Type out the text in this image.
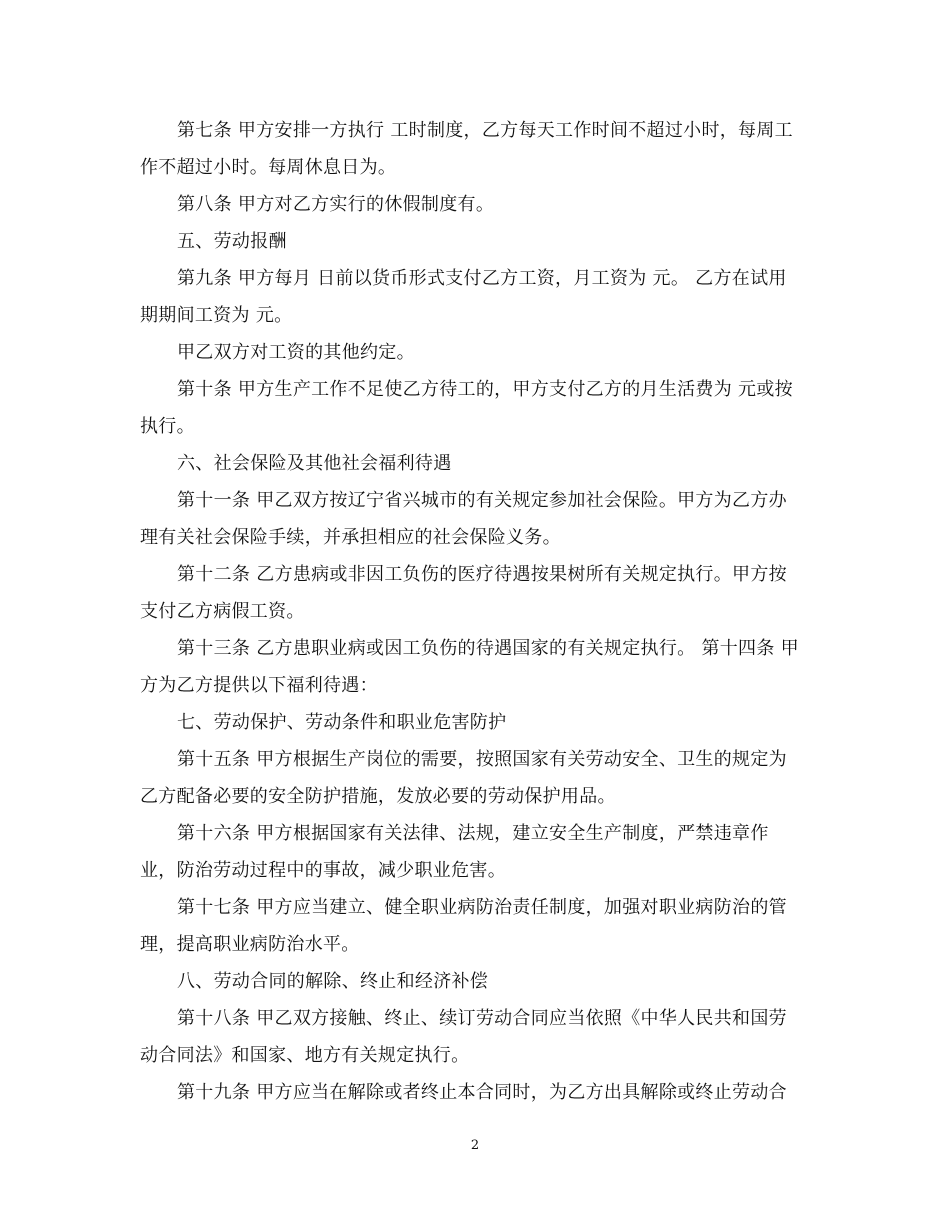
第七条 甲方安排一方执行 工时制度，乙方每天工作时间不超过小时，每周工
作不超过小时。每周休息日为。
第八条 甲方对乙方实行的休假制度有。
五、劳动报酬
第九条 甲方每月 日前以货币形式支付乙方工资，月工资为 元。 乙方在试用
期期间工资为 元。
甲乙双方对工资的其他约定。
第十条 甲方生产工作不足使乙方待工的，甲方支付乙方的月生活费为 元或按
执行。
六、社会保险及其他社会福利待遇
第十一条 甲乙双方按辽宁省兴城市的有关规定参加社会保险。甲方为乙方办
理有关社会保险手续，并承担相应的社会保险义务。
第十二条 乙方患病或非因工负伤的医疗待遇按果树所有关规定执行。甲方按
支付乙方病假工资。
第十三条 乙方患职业病或因工负伤的待遇国家的有关规定执行。 第十四条 甲
方为乙方提供以下福利待遇：
七、劳动保护、劳动条件和职业危害防护
第十五条 甲方根据生产岗位的需要，按照国家有关劳动安全、卫生的规定为
乙方配备必要的安全防护措施，发放必要的劳动保护用品。
第十六条 甲方根据国家有关法律、法规，建立安全生产制度，严禁违章作
业，防治劳动过程中的事故，减少职业危害。
第十七条 甲方应当建立、健全职业病防治责任制度，加强对职业病防治的管
理，提高职业病防治水平。
八、劳动合同的解除、终止和经济补偿
第十八条 甲乙双方接触、终止、续订劳动合同应当依照《中华人民共和国劳
动合同法》和国家、地方有关规定执行。
第十九条 甲方应当在解除或者终止本合同时，为乙方出具解除或终止劳动合
2
